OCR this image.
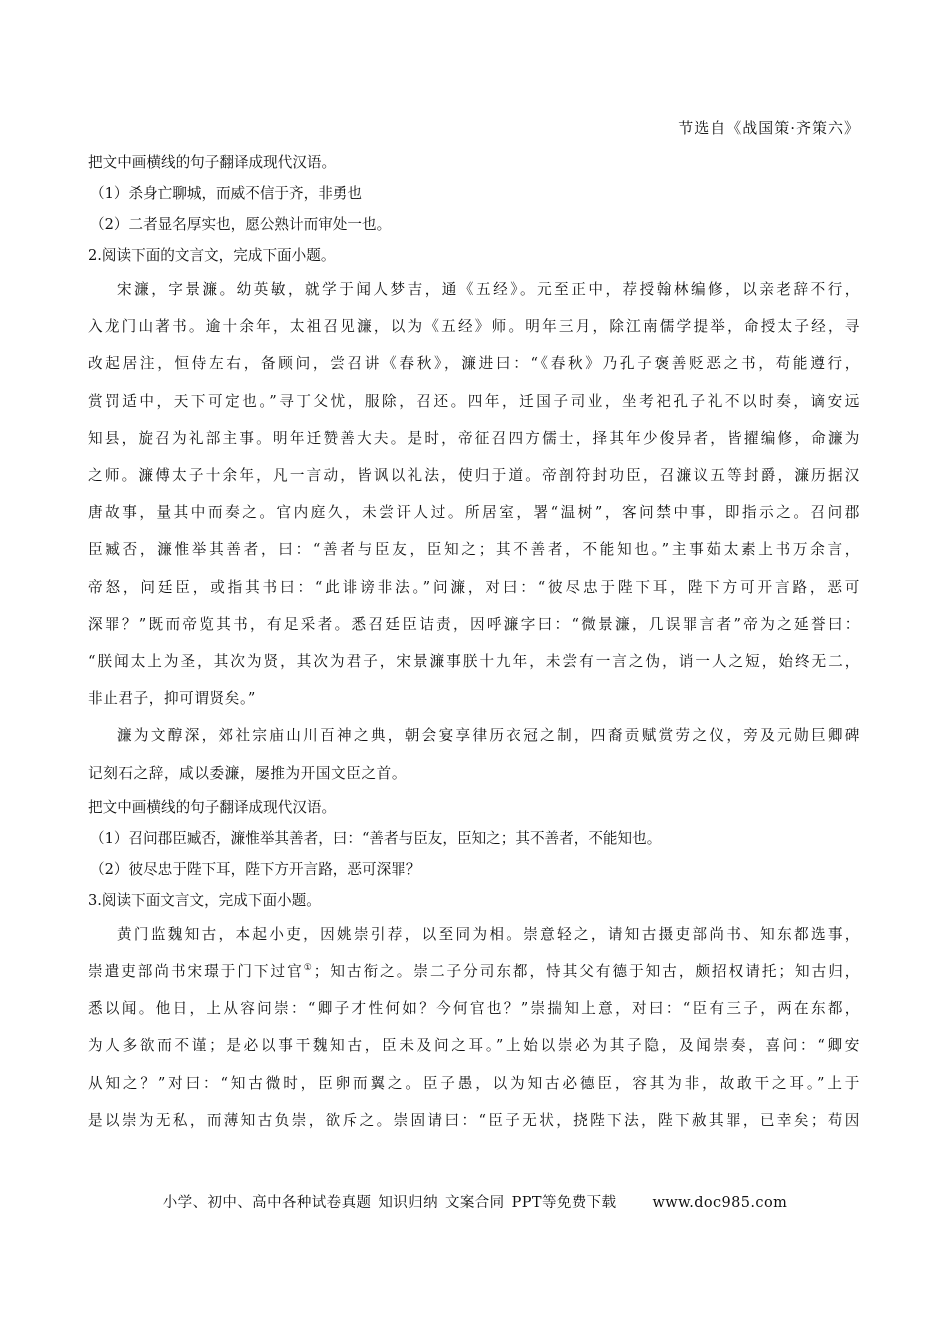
节选自《战国策·齐策六》
把文中画横线的句子翻译成现代汉语。
（1）杀身亡聊城，而威不信于齐，非勇也
（2）二者显名厚实也，愿公熟计而审处一也。
2.阅读下面的文言文，完成下面小题。
宋濂，字景濂。幼英敏，就学于闻人梦吉，通《五经》。元至正中，荐授翰林编修，以亲老辞不行，
入龙门山著书。逾十余年，太祖召见濂，以为《五经》师。明年三月，除江南儒学提举，命授太子经，寻
改起居注，恒侍左右，备顾问，尝召讲《春秋》，濂进曰：“《春秋》乃孔子褒善贬恶之书，苟能遵行，
赏罚适中，天下可定也。”寻丁父忧，服除，召还。四年，迁国子司业，坐考祀孔子礼不以时奏，谪安远
知县，旋召为礼部主事。明年迁赞善大夫。是时，帝征召四方儒士，择其年少俊异者，皆擢编修，命濂为
之师。濂傅太子十余年，凡一言动，皆讽以礼法，使归于道。帝剖符封功臣，召濂议五等封爵，濂历据汉
唐故事，量其中而奏之。官内庭久，未尝讦人过。所居室，署“温树”，客问禁中事，即指示之。召问郡
臣臧否，濂惟举其善者，曰：“善者与臣友，臣知之；其不善者，不能知也。”主事茹太素上书万余言，
帝怒，问廷臣，或指其书曰：“此诽谤非法。”问濂，对曰：“彼尽忠于陛下耳，陛下方可开言路，恶可
深罪？”既而帝览其书，有足采者。悉召廷臣诘责，因呼濂字曰：“微景濂，几误罪言者”帝为之延誉曰：
“朕闻太上为圣，其次为贤，其次为君子，宋景濂事朕十九年，未尝有一言之伪，诮一人之短，始终无二，
非止君子，抑可谓贤矣。”
濂为文醇深，郊社宗庙山川百神之典，朝会宴享律历衣冠之制，四裔贡赋赏劳之仪，旁及元勋巨卿碑
记刻石之辞，咸以委濂，屡推为开国文臣之首。
把文中画横线的句子翻译成现代汉语。
（1）召问郡臣臧否，濂惟举其善者，曰：“善者与臣友，臣知之；其不善者，不能知也。
（2）彼尽忠于陛下耳，陛下方开言路，恶可深罪？
3.阅读下面文言文，完成下面小题。
黄门监魏知古，本起小吏，因姚崇引荐，以至同为相。崇意轻之，请知古摄吏部尚书、知东都选事，
崇遣吏部尚书宋璟于门下过官①；知古衔之。崇二子分司东都，恃其父有德于知古，颇招权请托；知古归，
悉以闻。他日，上从容问崇：“卿子才性何如？今何官也？”崇揣知上意，对曰：“臣有三子，两在东都，
为人多欲而不谨；是必以事干魏知古，臣未及问之耳。”上始以崇必为其子隐，及闻崇奏，喜问：“卿安
从知之？”对曰：“知古微时，臣卵而翼之。臣子愚，以为知古必德臣，容其为非，故敢干之耳。”上于
是以崇为无私，而薄知古负崇，欲斥之。崇固请曰：“臣子无状，挠陛下法，陛下赦其罪，已幸矣；苟因
小学、初中、高中各种试卷真题 知识归纳 文案合同 PPT等免费下载 www.doc985.com
